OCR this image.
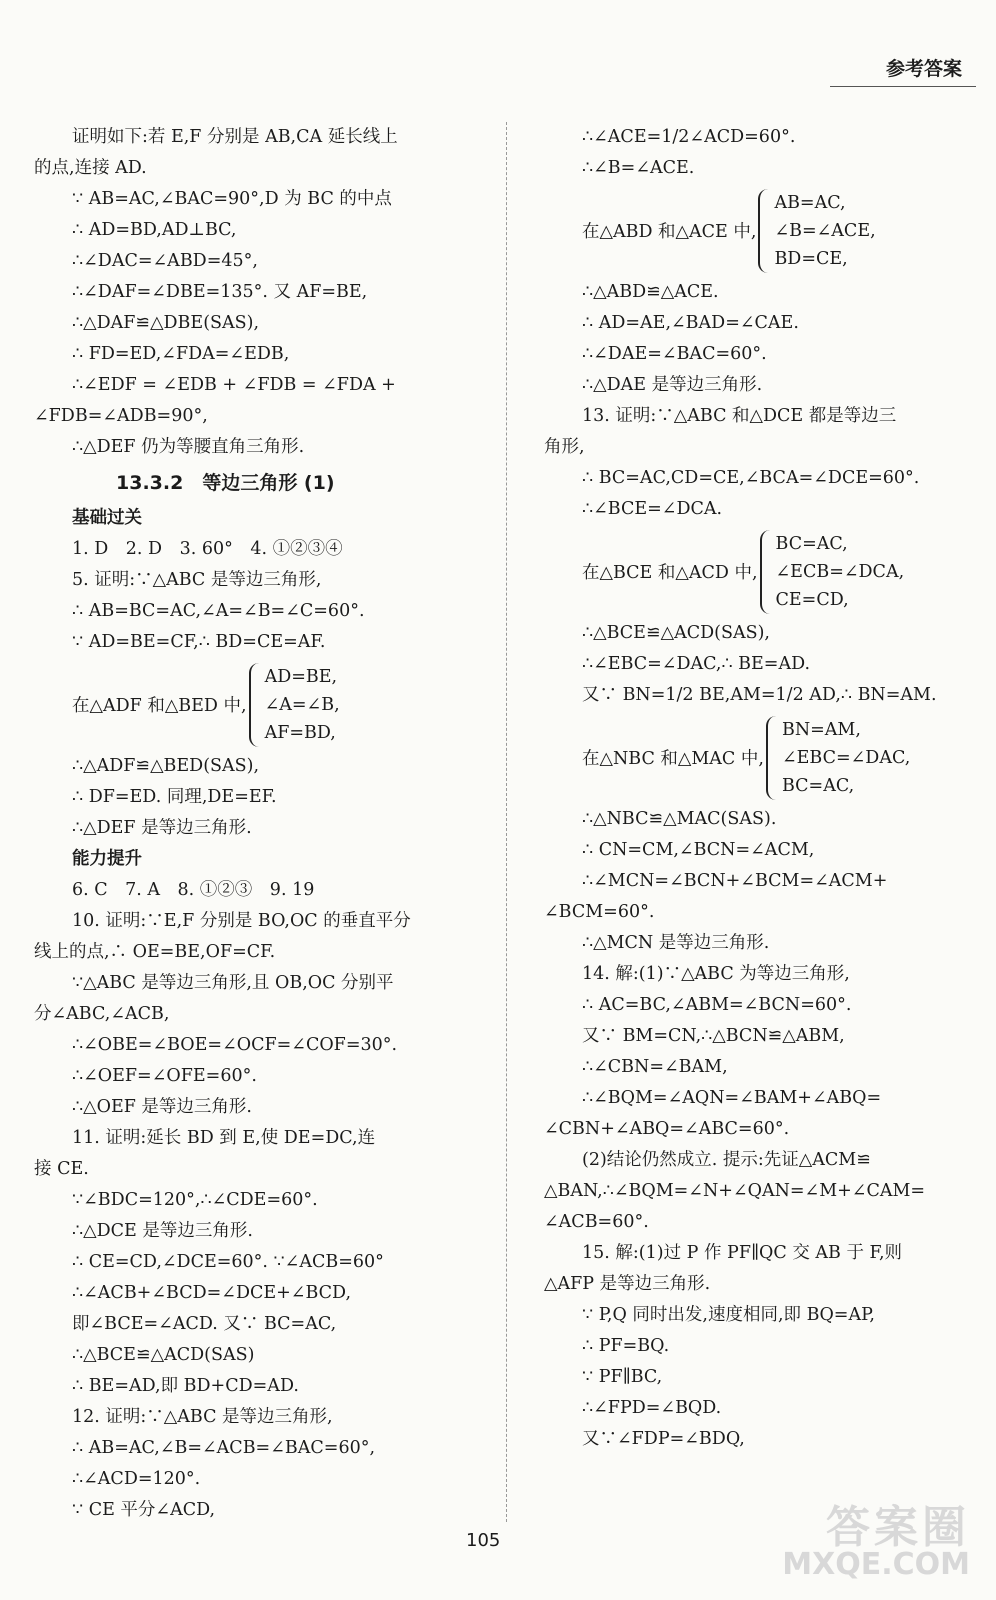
参考答案
证明如下:若 E,F 分别是 AB,CA 延长线上
的点,连接 AD.
∵ AB=AC,∠BAC=90°,D 为 BC 的中点
∴ AD=BD,AD⊥BC,
∴∠DAC=∠ABD=45°,
∴∠DAF=∠DBE=135°. 又 AF=BE,
∴△DAF≌△DBE(SAS),
∴ FD=ED,∠FDA=∠EDB,
∴∠EDF = ∠EDB + ∠FDB = ∠FDA +
∠FDB=∠ADB=90°,
∴△DEF 仍为等腰直角三角形.
13.3.2　等边三角形 (1)
基础过关
1. D　2. D　3. 60°　4. ①②③④
5. 证明:∵△ABC 是等边三角形,
∴ AB=BC=AC,∠A=∠B=∠C=60°.
∵ AD=BE=CF,∴ BD=CE=AF.
在△ADF 和△BED 中,
AD=BE,
∠A=∠B,
AF=BD,
∴△ADF≌△BED(SAS),
∴ DF=ED. 同理,DE=EF.
∴△DEF 是等边三角形.
能力提升
6. C　7. A　8. ①②③　9. 19
10. 证明:∵E,F 分别是 BO,OC 的垂直平分
线上的点,∴ OE=BE,OF=CF.
∵△ABC 是等边三角形,且 OB,OC 分别平
分∠ABC,∠ACB,
∴∠OBE=∠BOE=∠OCF=∠COF=30°.
∴∠OEF=∠OFE=60°.
∴△OEF 是等边三角形.
11. 证明:延长 BD 到 E,使 DE=DC,连
接 CE.
∵∠BDC=120°,∴∠CDE=60°.
∴△DCE 是等边三角形.
∴ CE=CD,∠DCE=60°. ∵∠ACB=60°
∴∠ACB+∠BCD=∠DCE+∠BCD,
即∠BCE=∠ACD. 又∵ BC=AC,
∴△BCE≌△ACD(SAS)
∴ BE=AD,即 BD+CD=AD.
12. 证明:∵△ABC 是等边三角形,
∴ AB=AC,∠B=∠ACB=∠BAC=60°,
∴∠ACD=120°.
∵ CE 平分∠ACD,
∴∠ACE=1/2∠ACD=60°.
∴∠B=∠ACE.
在△ABD 和△ACE 中,
AB=AC,
∠B=∠ACE,
BD=CE,
∴△ABD≌△ACE.
∴ AD=AE,∠BAD=∠CAE.
∴∠DAE=∠BAC=60°.
∴△DAE 是等边三角形.
13. 证明:∵△ABC 和△DCE 都是等边三
角形,
∴ BC=AC,CD=CE,∠BCA=∠DCE=60°.
∴∠BCE=∠DCA.
在△BCE 和△ACD 中,
BC=AC,
∠ECB=∠DCA,
CE=CD,
∴△BCE≌△ACD(SAS),
∴∠EBC=∠DAC,∴ BE=AD.
又∵ BN=1/2 BE,AM=1/2 AD,∴ BN=AM.
在△NBC 和△MAC 中,
BN=AM,
∠EBC=∠DAC,
BC=AC,
∴△NBC≌△MAC(SAS).
∴ CN=CM,∠BCN=∠ACM,
∴∠MCN=∠BCN+∠BCM=∠ACM+
∠BCM=60°.
∴△MCN 是等边三角形.
14. 解:(1)∵△ABC 为等边三角形,
∴ AC=BC,∠ABM=∠BCN=60°.
又∵ BM=CN,∴△BCN≌△ABM,
∴∠CBN=∠BAM,
∴∠BQM=∠AQN=∠BAM+∠ABQ=
∠CBN+∠ABQ=∠ABC=60°.
(2)结论仍然成立. 提示:先证△ACM≌
△BAN,∴∠BQM=∠N+∠QAN=∠M+∠CAM=
∠ACB=60°.
15. 解:(1)过 P 作 PF∥QC 交 AB 于 F,则
△AFP 是等边三角形.
∵ P,Q 同时出发,速度相同,即 BQ=AP,
∴ PF=BQ.
∵ PF∥BC,
∴∠FPD=∠BQD.
又∵∠FDP=∠BDQ,
105	答案圈
MXQE.COM
